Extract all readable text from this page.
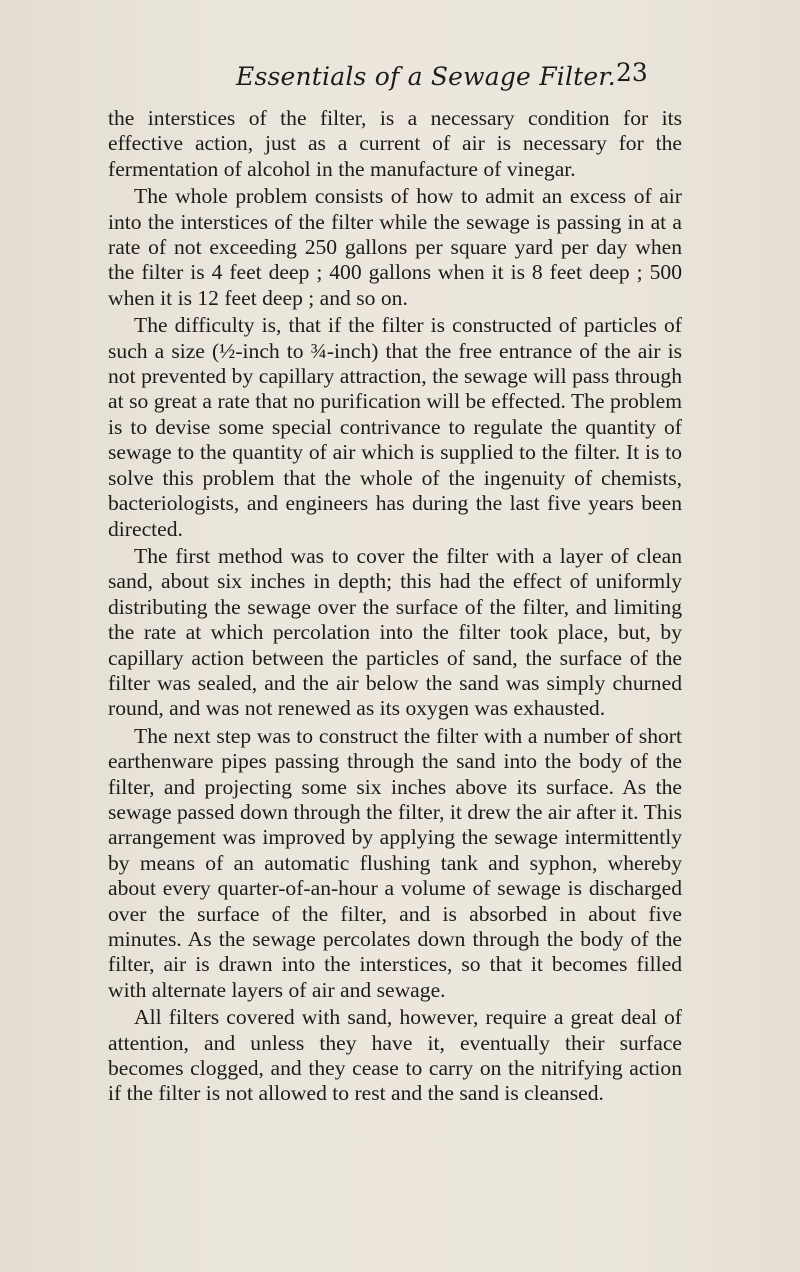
Essentials of a Sewage Filter. 23

the interstices of the filter, is a necessary condition for its effective action, just as a current of air is necessary for the fermentation of alcohol in the manufacture of vinegar.

The whole problem consists of how to admit an excess of air into the interstices of the filter while the sewage is passing in at a rate of not exceeding 250 gallons per square yard per day when the filter is 4 feet deep ; 400 gallons when it is 8 feet deep ; 500 when it is 12 feet deep ; and so on.

The difficulty is, that if the filter is constructed of particles of such a size (½-inch to ¾-inch) that the free entrance of the air is not prevented by capillary attraction, the sewage will pass through at so great a rate that no purification will be effected. The problem is to devise some special contrivance to regulate the quantity of sewage to the quantity of air which is supplied to the filter. It is to solve this problem that the whole of the ingenuity of chemists, bacteriologists, and engineers has during the last five years been directed.

The first method was to cover the filter with a layer of clean sand, about six inches in depth; this had the effect of uniformly distributing the sewage over the surface of the filter, and limiting the rate at which percolation into the filter took place, but, by capillary action between the particles of sand, the surface of the filter was sealed, and the air below the sand was simply churned round, and was not renewed as its oxygen was exhausted.

The next step was to construct the filter with a number of short earthenware pipes passing through the sand into the body of the filter, and projecting some six inches above its surface. As the sewage passed down through the filter, it drew the air after it. This arrangement was improved by applying the sewage intermittently by means of an automatic flushing tank and syphon, whereby about every quarter-of-an-hour a volume of sewage is discharged over the surface of the filter, and is absorbed in about five minutes. As the sewage percolates down through the body of the filter, air is drawn into the interstices, so that it becomes filled with alternate layers of air and sewage.

All filters covered with sand, however, require a great deal of attention, and unless they have it, eventually their surface becomes clogged, and they cease to carry on the nitrifying action if the filter is not allowed to rest and the sand is cleansed.
